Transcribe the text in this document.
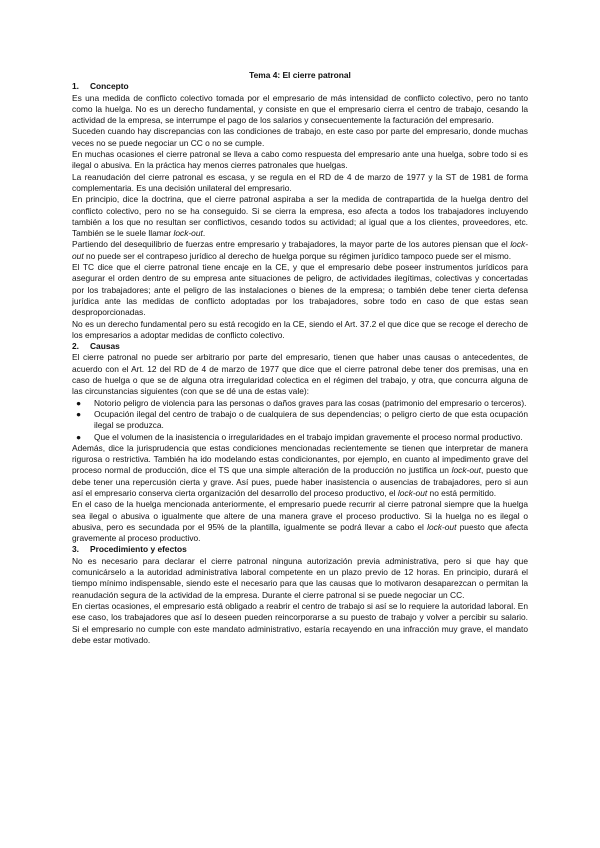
Tema 4: El cierre patronal

1.	Concepto

Es una medida de conflicto colectivo tomada por el empresario de más intensidad de conflicto colectivo, pero no tanto como la huelga. No es un derecho fundamental, y consiste en que el empresario cierra el centro de trabajo, cesando la actividad de la empresa, se interrumpe el pago de los salarios y consecuentemente la facturación del empresario.

Suceden cuando hay discrepancias con las condiciones de trabajo, en este caso por parte del empresario, donde muchas veces no se puede negociar un CC o no se cumple.

En muchas ocasiones el cierre patronal se lleva a cabo como respuesta del empresario ante una huelga, sobre todo si es ilegal o abusiva. En la práctica hay menos cierres patronales que huelgas.

La reanudación del cierre patronal es escasa, y se regula en el RD de 4 de marzo de 1977 y la ST de 1981 de forma complementaria. Es una decisión unilateral del empresario.

En principio, dice la doctrina, que el cierre patronal aspiraba a ser la medida de contrapartida de la huelga dentro del conflicto colectivo, pero no se ha conseguido. Si se cierra la empresa, eso afecta a todos los trabajadores incluyendo también a los que no resultan ser conflictivos, cesando todos su actividad; al igual que a los clientes, proveedores, etc. También se le suele llamar lock-out.

Partiendo del desequilibrio de fuerzas entre empresario y trabajadores, la mayor parte de los autores piensan que el lock-out no puede ser el contrapeso jurídico al derecho de huelga porque su régimen jurídico tampoco puede ser el mismo.

El TC dice que el cierre patronal tiene encaje en la CE, y que el empresario debe poseer instrumentos jurídicos para asegurar el orden dentro de su empresa ante situaciones de peligro, de actividades ilegítimas, colectivas y concertadas por los trabajadores; ante el peligro de las instalaciones o bienes de la empresa; o también debe tener cierta defensa jurídica ante las medidas de conflicto adoptadas por los trabajadores, sobre todo en caso de que estas sean desproporcionadas.

No es un derecho fundamental pero su está recogido en la CE, siendo el Art. 37.2 el que dice que se recoge el derecho de los empresarios a adoptar medidas de conflicto colectivo.

2.	Causas

El cierre patronal no puede ser arbitrario por parte del empresario, tienen que haber unas causas o antecedentes, de acuerdo con el Art. 12 del RD de 4 de marzo de 1977 que dice que el cierre patronal debe tener dos premisas, una en caso de huelga o que se de alguna otra irregularidad colectica en el régimen del trabajo, y otra, que concurra alguna de las circunstancias siguientes (con que se dé una de estas vale):

●	Notorio peligro de violencia para las personas o daños graves para las cosas (patrimonio del empresario o terceros).
●	Ocupación ilegal del centro de trabajo o de cualquiera de sus dependencias; o peligro cierto de que esta ocupación ilegal se produzca.
●	Que el volumen de la inasistencia o irregularidades en el trabajo impidan gravemente el proceso normal productivo.

Además, dice la jurisprudencia que estas condiciones mencionadas recientemente se tienen que interpretar de manera rigurosa o restrictiva. También ha ido modelando estas condicionantes, por ejemplo, en cuanto al impedimento grave del proceso normal de producción, dice el TS que una simple alteración de la producción no justifica un lock-out, puesto que debe tener una repercusión cierta y grave. Así pues, puede haber inasistencia o ausencias de trabajadores, pero si aun así el empresario conserva cierta organización del desarrollo del proceso productivo, el lock-out no está permitido.

En el caso de la huelga mencionada anteriormente, el empresario puede recurrir al cierre patronal siempre que la huelga sea ilegal o abusiva o igualmente que altere de una manera grave el proceso productivo. Si la huelga no es ilegal o abusiva, pero es secundada por el 95% de la plantilla, igualmente se podrá llevar a cabo el lock-out puesto que afecta gravemente al proceso productivo.

3.	Procedimiento y efectos

No es necesario para declarar el cierre patronal ninguna autorización previa administrativa, pero si que hay que comunicárselo a la autoridad administrativa laboral competente en un plazo previo de 12 horas. En principio, durará el tiempo mínimo indispensable, siendo este el necesario para que las causas que lo motivaron desaparezcan o permitan la reanudación segura de la actividad de la empresa. Durante el cierre patronal si se puede negociar un CC.

En ciertas ocasiones, el empresario está obligado a reabrir el centro de trabajo si así se lo requiere la autoridad laboral. En ese caso, los trabajadores que así lo deseen pueden reincorporarse a su puesto de trabajo y volver a percibir su salario. Si el empresario no cumple con este mandato administrativo, estaría recayendo en una infracción muy grave, el mandato debe estar motivado.
